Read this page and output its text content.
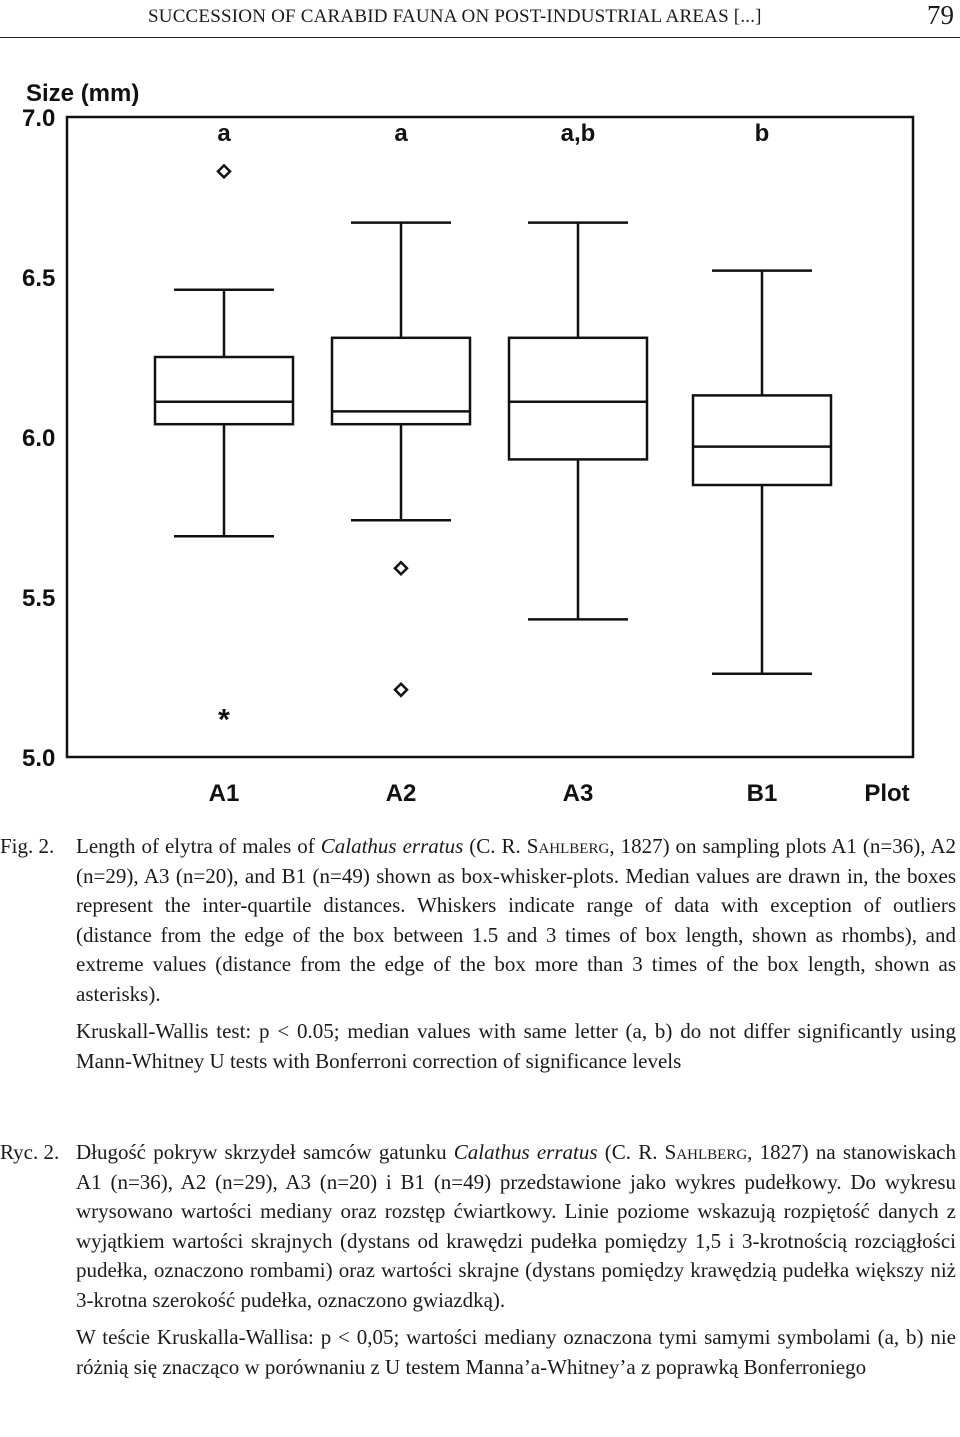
SUCCESSION OF CARABID FAUNA ON POST-INDUSTRIAL AREAS [...]	79
Size (mm)
5.0
5.5
6.0
6.5
7.0
a	a	a,b	b
*
A1	A2	A3	B1	Plot
Fig. 2.	Length of elytra of males of Calathus erratus (C. R. Sahlberg, 1827) on sampling plots A1 (n=36), A2 (n=29), A3 (n=20), and B1 (n=49) shown as box-whisker-plots. Median values are drawn in, the boxes represent the inter-quartile distances. Whiskers indicate range of data with exception of outliers (distance from the edge of the box between 1.5 and 3 times of box length, shown as rhombs), and extreme values (distance from the edge of the box more than 3 times of the box length, shown as asterisks).

Kruskall-Wallis test: p < 0.05; median values with same letter (a, b) do not differ significantly using Mann-Whitney U tests with Bonferroni correction of significance levels

Ryc. 2. Długość pokryw skrzydeł samców gatunku Calathus erratus (C. R. Sahlberg, 1827) na stanowiskach A1 (n=36), A2 (n=29), A3 (n=20) i B1 (n=49) przedstawione jako wykres pudełkowy. Do wykresu wrysowano wartości mediany oraz rozstęp ćwiartkowy. Linie poziome wskazują rozpiętość danych z wyjątkiem wartości skrajnych (dystans od krawędzi pudełka pomiędzy 1,5 i 3-krotnością rozciągłości pudełka, oznaczono rombami) oraz wartości skrajne (dystans pomiędzy krawędzią pudełka większy niż 3-krotna szerokość pudełka, oznaczono gwiazdką).

W teście Kruskalla-Wallisa: p < 0,05; wartości mediany oznaczona tymi samymi symbolami (a, b) nie różnią się znacząco w porównaniu z U testem Manna’a-Whitney’a z poprawką Bonferroniego
